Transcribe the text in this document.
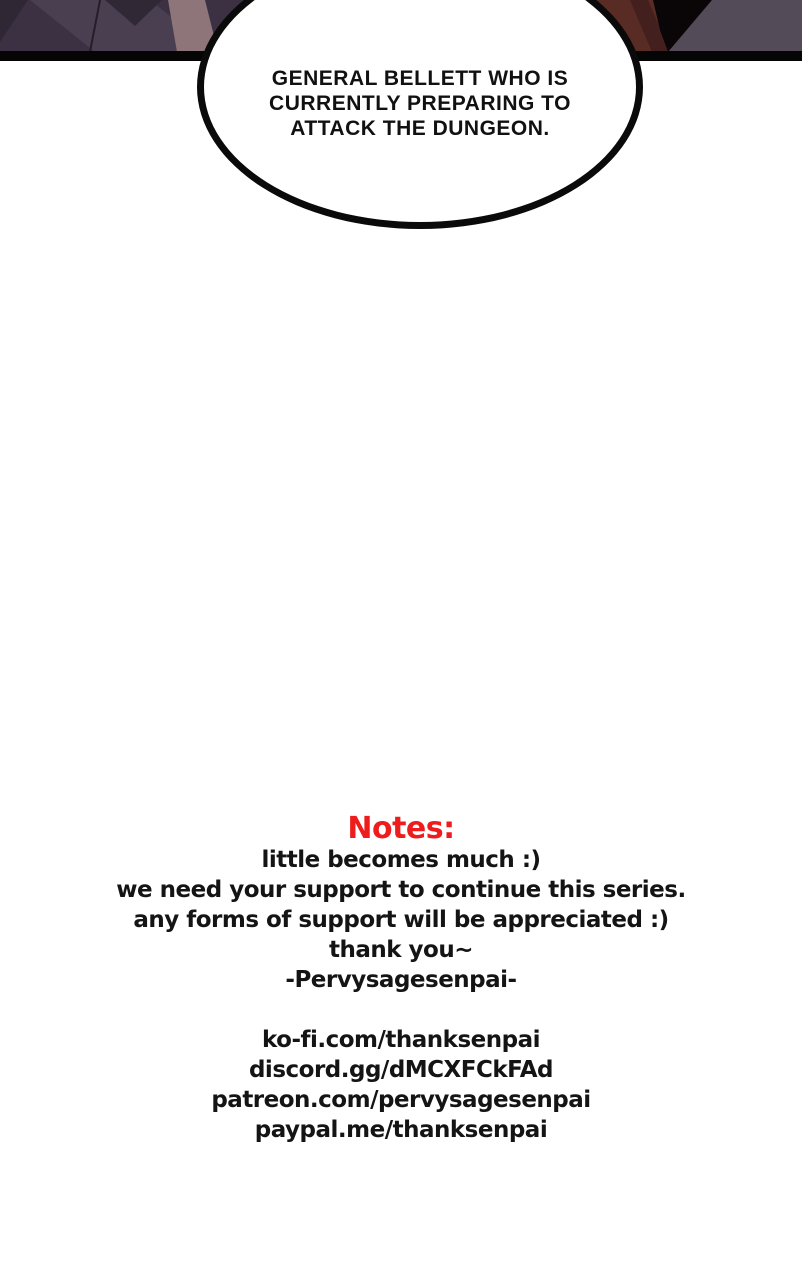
GENERAL BELLETT WHO IS
CURRENTLY PREPARING TO
ATTACK THE DUNGEON.
Notes:
little becomes much :)
we need your support to continue this series.
any forms of support will be appreciated :)
thank you~
-Pervysagesenpai-
ko-fi.com/thanksenpai
discord.gg/dMCXFCkFAd
patreon.com/pervysagesenpai
paypal.me/thanksenpai
